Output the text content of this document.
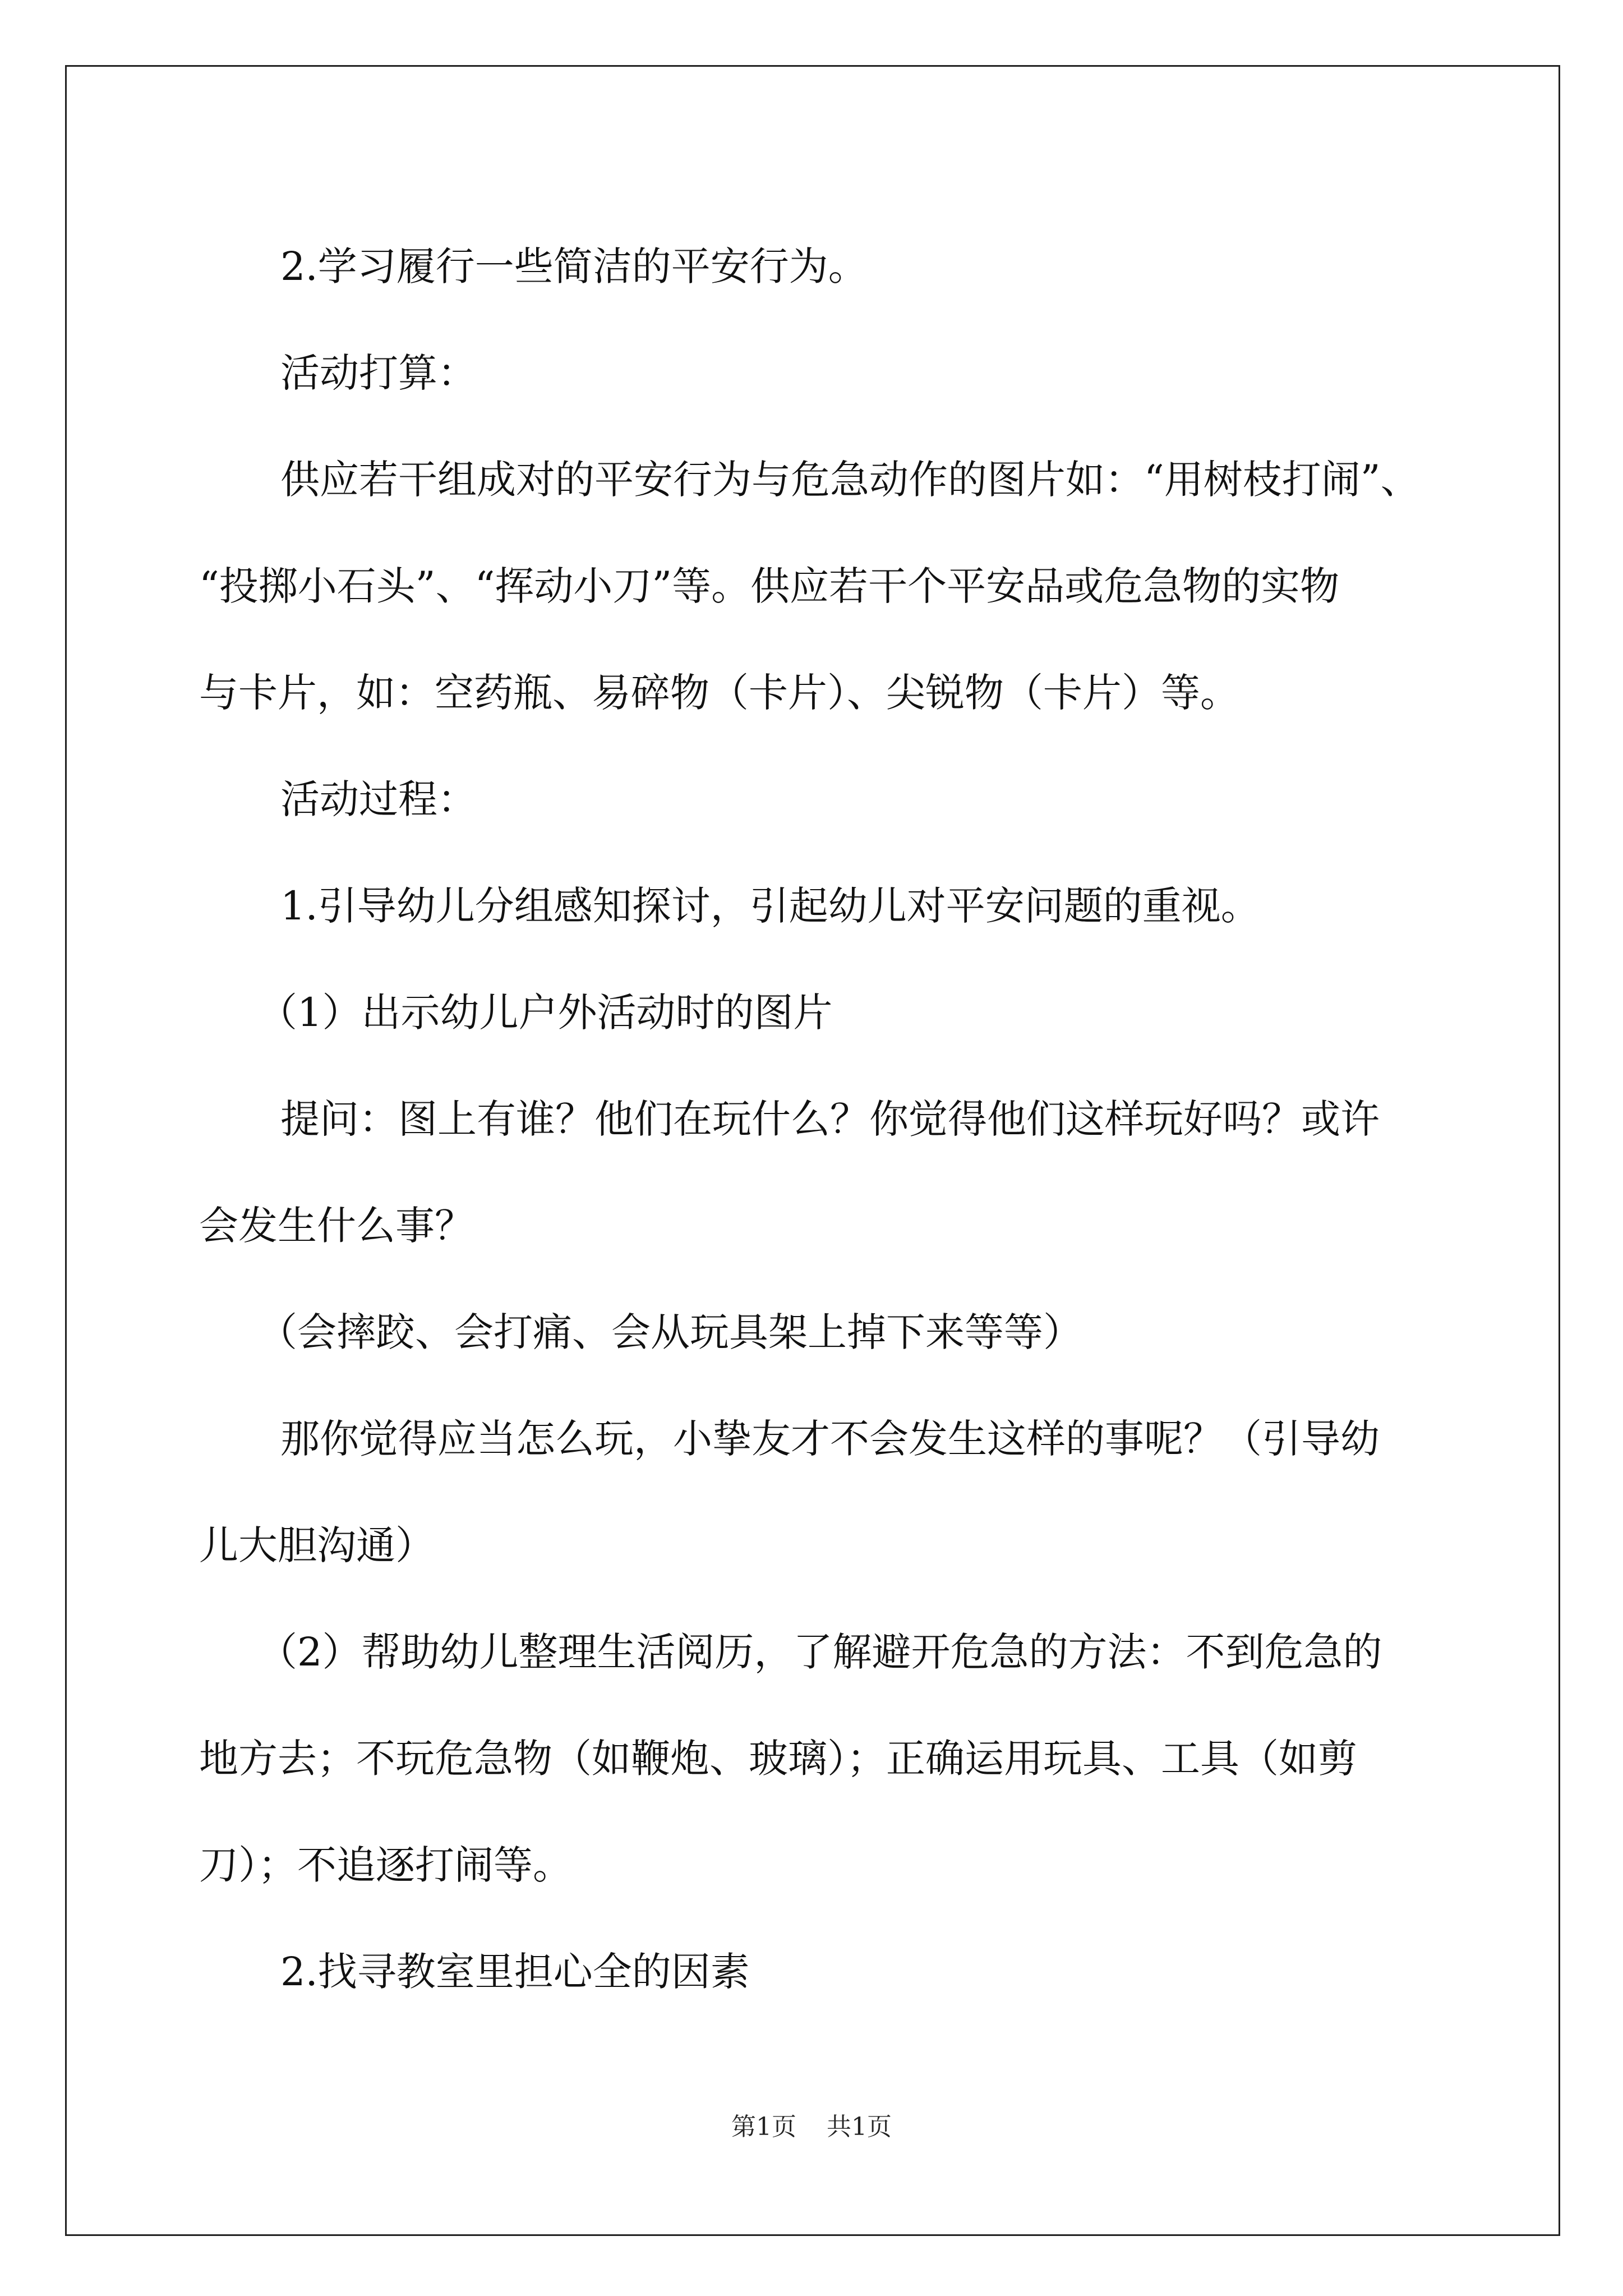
2.学习履行一些简洁的平安行为。

活动打算：

供应若干组成对的平安行为与危急动作的图片如：“用树枝打闹”、
“投掷小石头”、“挥动小刀”等。供应若干个平安品或危急物的实物
与卡片，如：空药瓶、易碎物（卡片）、尖锐物（卡片）等。

活动过程：

1.引导幼儿分组感知探讨，引起幼儿对平安问题的重视。

（1）出示幼儿户外活动时的图片

提问：图上有谁？他们在玩什么？你觉得他们这样玩好吗？或许
会发生什么事？

（会摔跤、会打痛、会从玩具架上掉下来等等）

那你觉得应当怎么玩，小挚友才不会发生这样的事呢？（引导幼
儿大胆沟通）

（2）帮助幼儿整理生活阅历，了解避开危急的方法：不到危急的
地方去；不玩危急物（如鞭炮、玻璃）；正确运用玩具、工具（如剪
刀）；不追逐打闹等。

2.找寻教室里担心全的因素

第1页 共1页
